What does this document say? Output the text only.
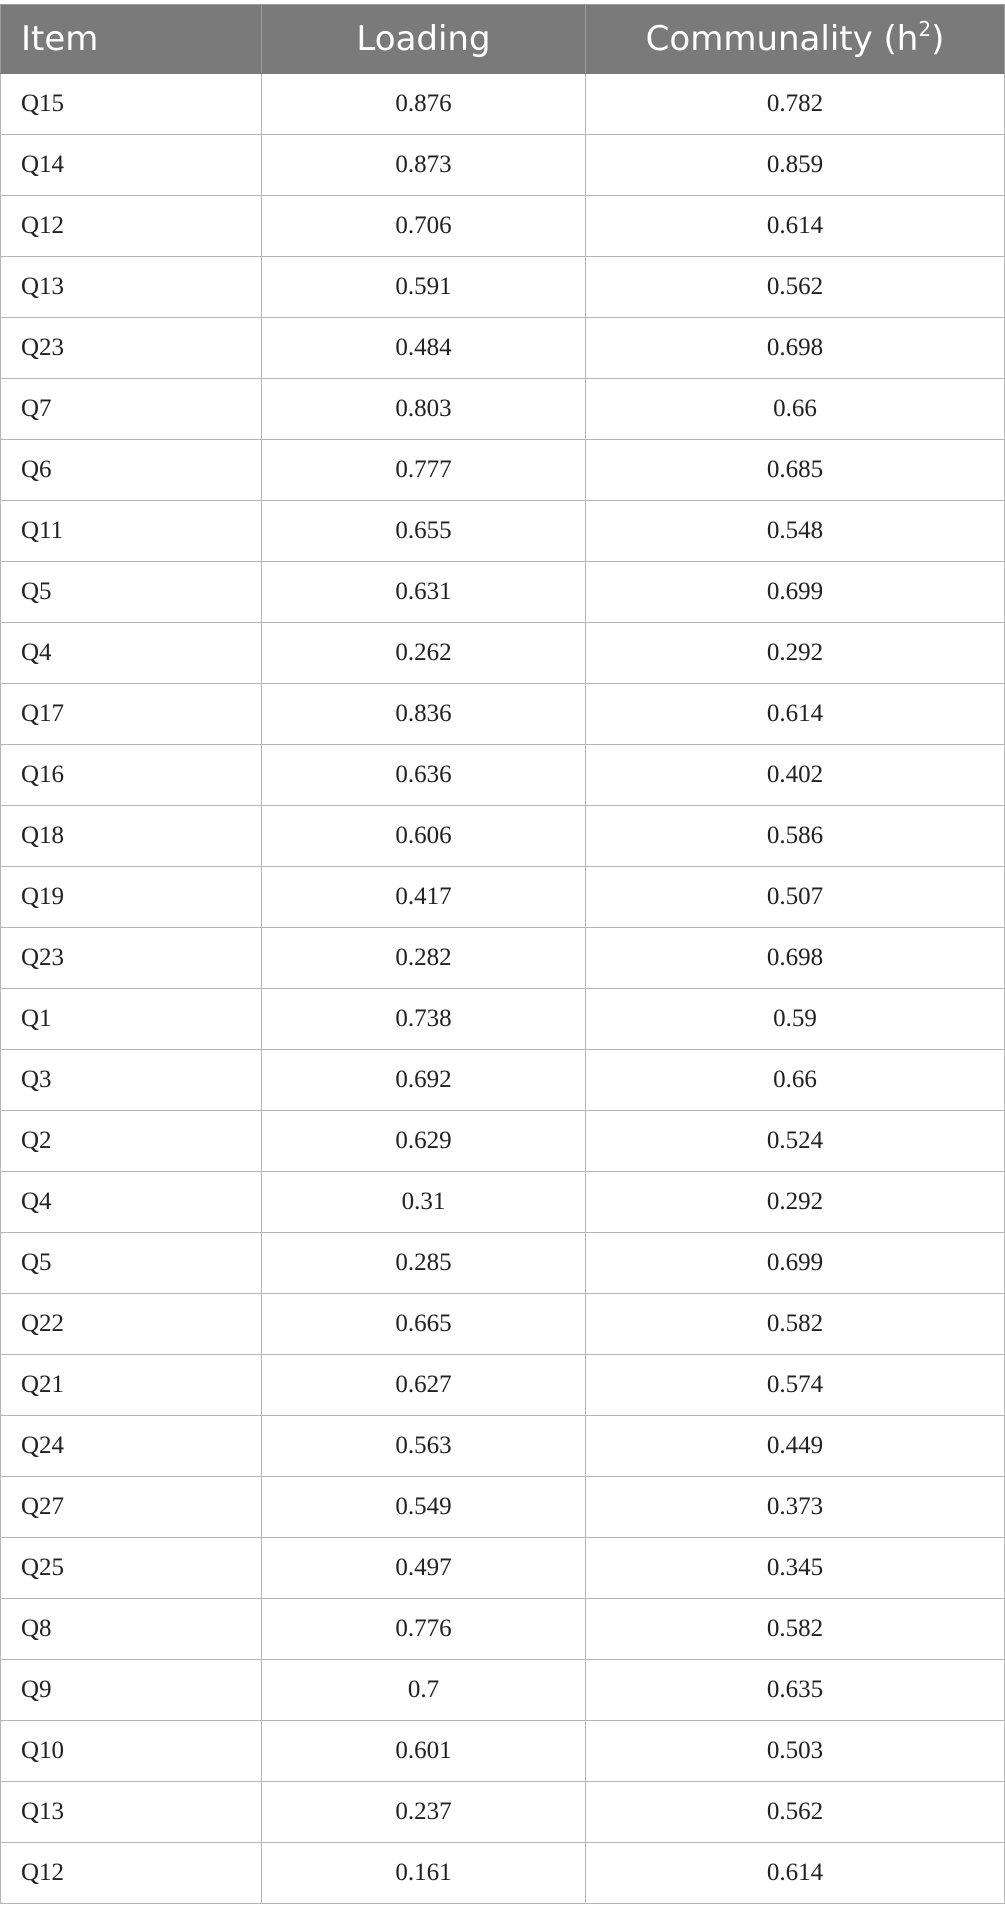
Item	Loading	Communality $(h^2)$
Q15	0.876	0.782
Q14	0.873	0.859
Q12	0.706	0.614
Q13	0.591	0.562
Q23	0.484	0.698
Q7	0.803	0.66
Q6	0.777	0.685
Q11	0.655	0.548
Q5	0.631	0.699
Q4	0.262	0.292
Q17	0.836	0.614
Q16	0.636	0.402
Q18	0.606	0.586
Q19	0.417	0.507
Q23	0.282	0.698
Q1	0.738	0.59
Q3	0.692	0.66
Q2	0.629	0.524
Q4	0.31	0.292
Q5	0.285	0.699
Q22	0.665	0.582
Q21	0.627	0.574
Q24	0.563	0.449
Q27	0.549	0.373
Q25	0.497	0.345
Q8	0.776	0.582
Q9	0.7	0.635
Q10	0.601	0.503
Q13	0.237	0.562
Q12	0.161	0.614
